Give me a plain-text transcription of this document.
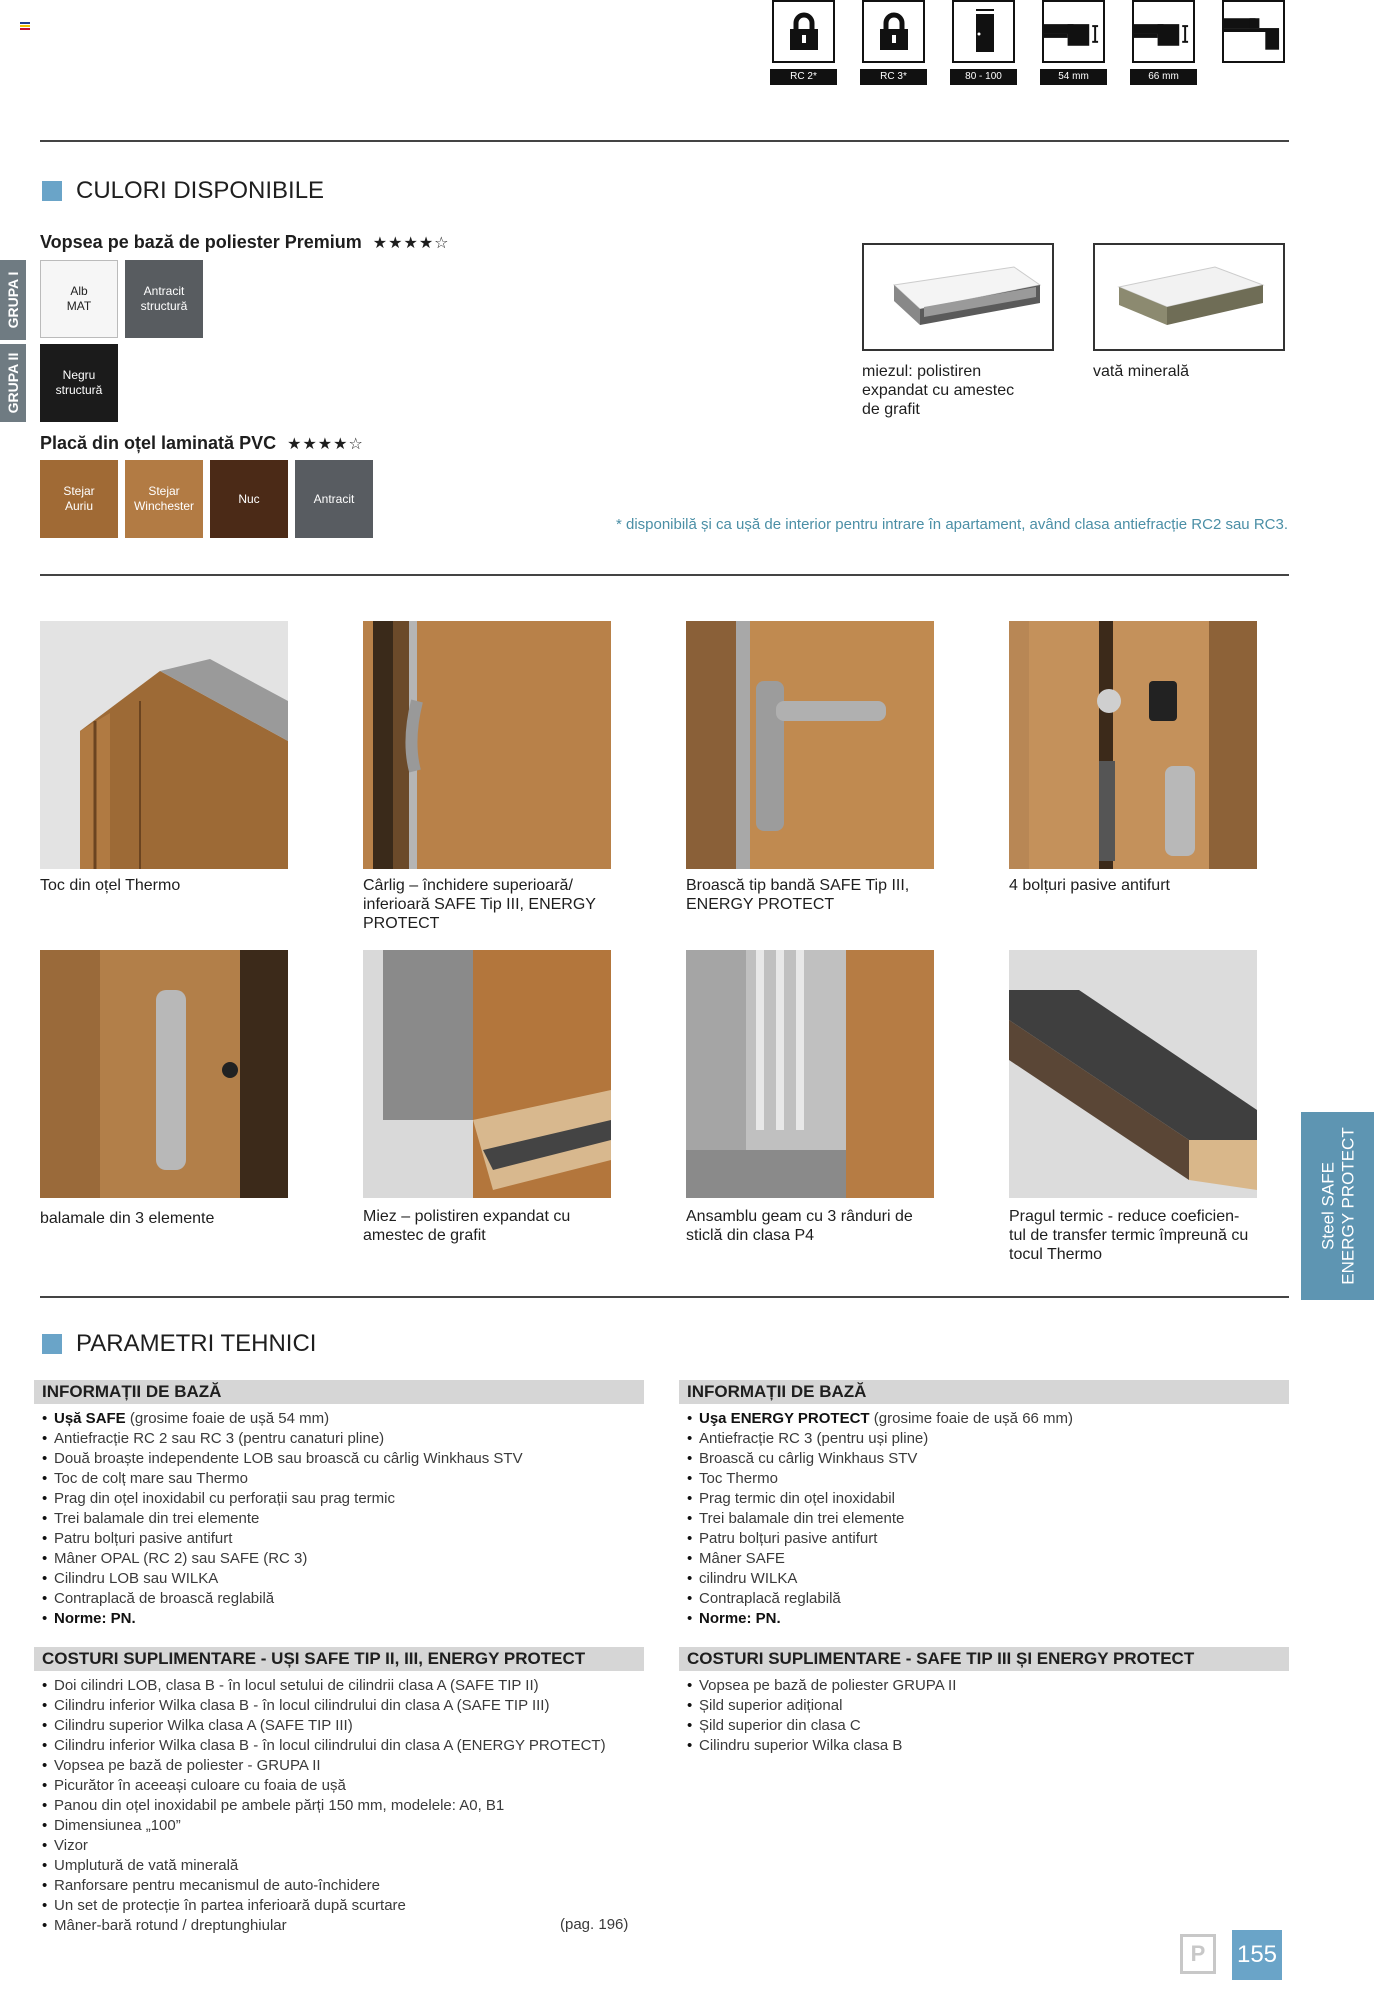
RC 2*	RC 3*	80 - 100	54 mm	66 mm
CULORI DISPONIBILE
Vopsea pe bază de poliester Premium ★★★★☆
GRUPA I
GRUPA II
Alb
MAT
Antracit
structură
Negru
structură
Placă din oțel laminată PVC ★★★★☆
Stejar
Auriu
Stejar
Winchester
Nuc	Antracit
miezul: polistiren expandat cu amestec de grafit
vată minerală
* disponibilă și ca ușă de interior pentru intrare în apartament, având clasa antiefracție RC2 sau RC3.
Toc din oțel Thermo	Cârlig – închidere superioară/ inferioară SAFE Tip III, ENERGY PROTECT
Broască tip bandă SAFE Tip III, ENERGY PROTECT
4 bolțuri pasive antifurt
balamale din 3 elemente	Miez – polistiren expandat cu amestec de grafit
Ansamblu geam cu 3 rânduri de sticlă din clasa P4
Pragul termic - reduce coeficien- tul de transfer termic împreună cu tocul Thermo
Steel SAFE
ENERGY PROTECT
PARAMETRI TEHNICI
INFORMAȚII DE BAZĂ
• Ușă SAFE (grosime foaie de ușă 54 mm)
• Antiefracție RC 2 sau RC 3 (pentru canaturi pline)
• Două broaște independente LOB sau broască cu cârlig Winkhaus STV
• Toc de colț mare sau Thermo
• Prag din oțel inoxidabil cu perforații sau prag termic
• Trei balamale din trei elemente
• Patru bolțuri pasive antifurt
• Mâner OPAL (RC 2) sau SAFE (RC 3)
• Cilindru LOB sau WILKA
• Contraplacă de broască reglabilă
• Norme: PN.
COSTURI SUPLIMENTARE - UȘI SAFE TIP II, III, ENERGY PROTECT
• Doi cilindri LOB, clasa B - în locul setului de cilindrii clasa A (SAFE TIP II)
• Cilindru inferior Wilka clasa B - în locul cilindrului din clasa A (SAFE TIP III)
• Cilindru superior Wilka clasa A (SAFE TIP III)
• Cilindru inferior Wilka clasa B - în locul cilindrului din clasa A (ENERGY PROTECT)
• Vopsea pe bază de poliester - GRUPA II
• Picurător în aceeași culoare cu foaia de ușă
• Panou din oțel inoxidabil pe ambele părți 150 mm, modelele: A0, B1
• Dimensiunea „100”
• Vizor
• Umplutură de vată minerală
• Ranforsare pentru mecanismul de auto-închidere
• Un set de protecție în partea inferioară după scurtare
• Mâner-bară rotund / dreptunghiular	(pag. 196)
INFORMAȚII DE BAZĂ
• Uşa ENERGY PROTECT (grosime foaie de ușă 66 mm)
• Antiefracție RC 3 (pentru uși pline)
• Broască cu cârlig Winkhaus STV
• Toc Thermo
• Prag termic din oțel inoxidabil
• Trei balamale din trei elemente
• Patru bolțuri pasive antifurt
• Mâner SAFE
• cilindru WILKA
• Contraplacă reglabilă
• Norme: PN.
COSTURI SUPLIMENTARE - SAFE TIP III ȘI ENERGY PROTECT
• Vopsea pe bază de poliester GRUPA II
• Șild superior adițional
• Șild superior din clasa C
• Cilindru superior Wilka clasa B
P	155
